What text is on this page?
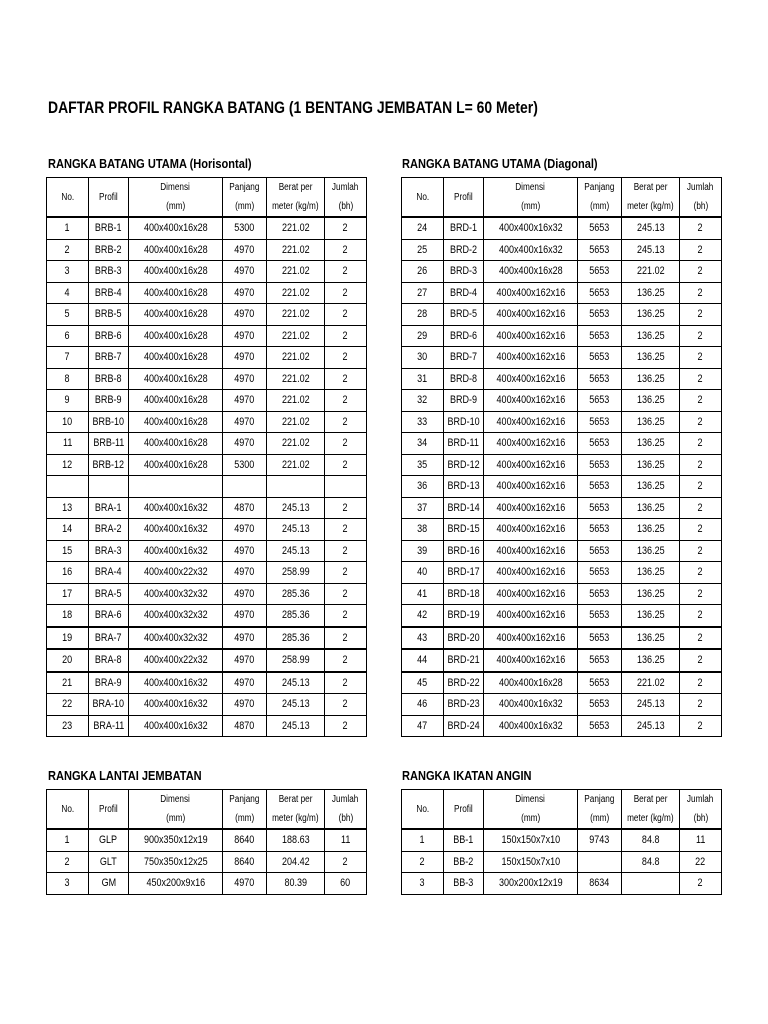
DAFTAR PROFIL RANGKA BATANG (1 BENTANG JEMBATAN L= 60 Meter)
RANGKA BATANG UTAMA (Horisontal)	RANGKA BATANG UTAMA (Diagonal)
RANGKA LANTAI JEMBATAN	RANGKA IKATAN ANGIN
No.	Profil	Dimensi	Panjang	Berat per	Jumlah
		(mm)	(mm)	meter (kg/m)	(bh)
1	BRB-1	400x400x16x28	5300	221.02	2
2	BRB-2	400x400x16x28	4970	221.02	2
3	BRB-3	400x400x16x28	4970	221.02	2
4	BRB-4	400x400x16x28	4970	221.02	2
5	BRB-5	400x400x16x28	4970	221.02	2
6	BRB-6	400x400x16x28	4970	221.02	2
7	BRB-7	400x400x16x28	4970	221.02	2
8	BRB-8	400x400x16x28	4970	221.02	2
9	BRB-9	400x400x16x28	4970	221.02	2
10	BRB-10	400x400x16x28	4970	221.02	2
11	BRB-11	400x400x16x28	4970	221.02	2
12	BRB-12	400x400x16x28	5300	221.02	2

13	BRA-1	400x400x16x32	4870	245.13	2
14	BRA-2	400x400x16x32	4970	245.13	2
15	BRA-3	400x400x16x32	4970	245.13	2
16	BRA-4	400x400x22x32	4970	258.99	2
17	BRA-5	400x400x32x32	4970	285.36	2
18	BRA-6	400x400x32x32	4970	285.36	2
19	BRA-7	400x400x32x32	4970	285.36	2
20	BRA-8	400x400x22x32	4970	258.99	2
21	BRA-9	400x400x16x32	4970	245.13	2
22	BRA-10	400x400x16x32	4970	245.13	2
23	BRA-11	400x400x16x32	4870	245.13	2
No.	Profil	Dimensi	Panjang	Berat per	Jumlah
		(mm)	(mm)	meter (kg/m)	(bh)
24	BRD-1	400x400x16x32	5653	245.13	2
25	BRD-2	400x400x16x32	5653	245.13	2
26	BRD-3	400x400x16x28	5653	221.02	2
27	BRD-4	400x400x162x16	5653	136.25	2
28	BRD-5	400x400x162x16	5653	136.25	2
29	BRD-6	400x400x162x16	5653	136.25	2
30	BRD-7	400x400x162x16	5653	136.25	2
31	BRD-8	400x400x162x16	5653	136.25	2
32	BRD-9	400x400x162x16	5653	136.25	2
33	BRD-10	400x400x162x16	5653	136.25	2
34	BRD-11	400x400x162x16	5653	136.25	2
35	BRD-12	400x400x162x16	5653	136.25	2
36	BRD-13	400x400x162x16	5653	136.25	2
37	BRD-14	400x400x162x16	5653	136.25	2
38	BRD-15	400x400x162x16	5653	136.25	2
39	BRD-16	400x400x162x16	5653	136.25	2
40	BRD-17	400x400x162x16	5653	136.25	2
41	BRD-18	400x400x162x16	5653	136.25	2
42	BRD-19	400x400x162x16	5653	136.25	2
43	BRD-20	400x400x162x16	5653	136.25	2
44	BRD-21	400x400x162x16	5653	136.25	2
45	BRD-22	400x400x16x28	5653	221.02	2
46	BRD-23	400x400x16x32	5653	245.13	2
47	BRD-24	400x400x16x32	5653	245.13	2
No.	Profil	Dimensi	Panjang	Berat per	Jumlah
		(mm)	(mm)	meter (kg/m)	(bh)
1	GLP	900x350x12x19	8640	188.63	11
2	GLT	750x350x12x25	8640	204.42	2
3	GM	450x200x9x16	4970	80.39	60
No.	Profil	Dimensi	Panjang	Berat per	Jumlah
		(mm)	(mm)	meter (kg/m)	(bh)
1	BB-1	150x150x7x10	9743	84.8	11
2	BB-2	150x150x7x10		84.8	22
3	BB-3	300x200x12x19	8634		2
